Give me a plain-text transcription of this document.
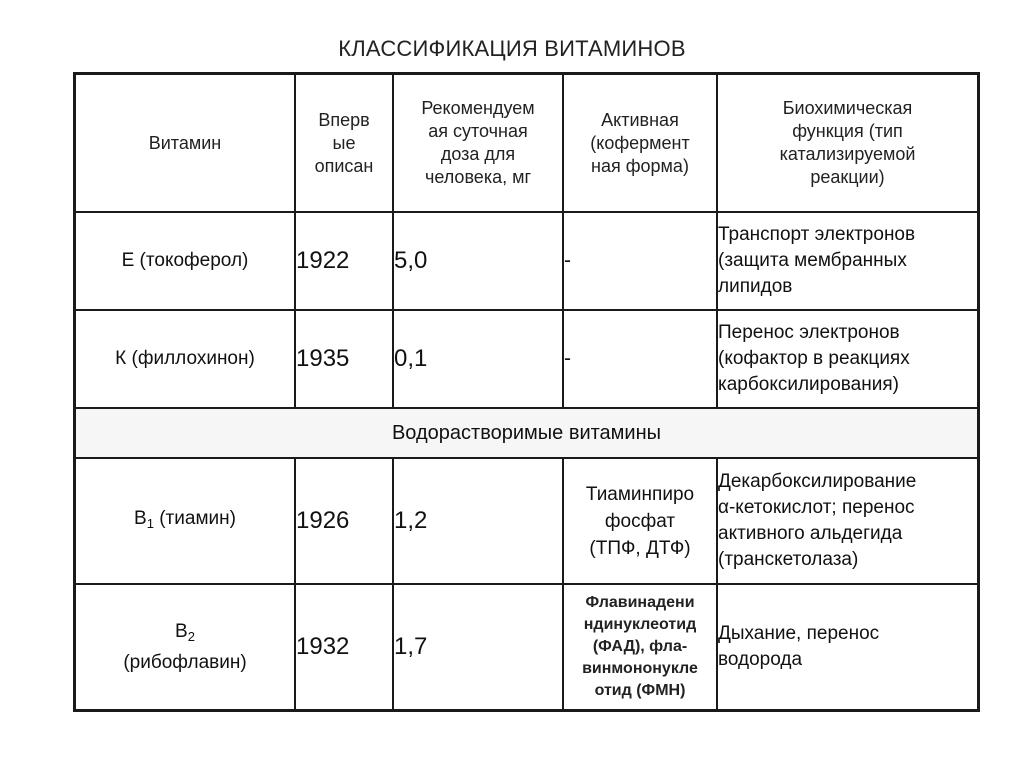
КЛАССИФИКАЦИЯ ВИТАМИНОВ
Витамин	Вперв
ые
описан	Рекомендуем
ая суточная
доза для
человека, мг	Активная
(кофермент
ная форма)	Биохимическая
функция (тип
катализируемой
реакции)

Е (токоферол)	1922	5,0	-	Транспорт электронов
(защита мембранных
липидов

К (филлохинон)	1935	0,1	-	Перенос электронов
(кофактор в реакциях
карбоксилирования)

Водорастворимые витамины				
$В_1$ (тиамин)	1926	1,2	Тиаминпиро
фосфат
(ТПФ, ДТФ)	Декарбоксилирование
α-кетокислот; перенос
активного альдегида
(транскетолаза)

$В_2$
(рибофлавин)	1932	1,7	Флавинадени
ндинуклеотид
(ФАД), фла-
винмононукле
отид (ФМН)	Дыхание, перенос
водорода
